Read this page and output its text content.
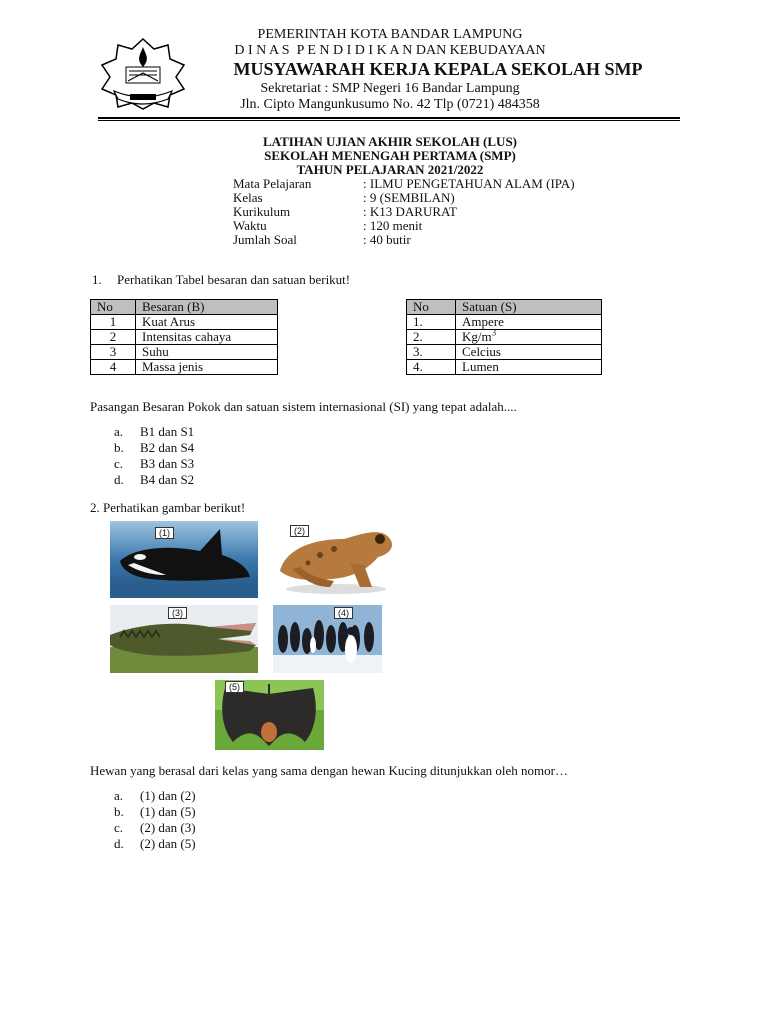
PEMERINTAH KOTA BANDAR LAMPUNG
D I N A S  P E N D I D I K A N DAN KEBUDAYAAN
MUSYAWARAH KERJA KEPALA SEKOLAH SMP
Sekretariat : SMP Negeri 16 Bandar Lampung
Jln. Cipto Mangunkusumo No. 42 Tlp (0721) 484358
LATIHAN UJIAN AKHIR SEKOLAH (LUS)
SEKOLAH MENENGAH PERTAMA (SMP)
TAHUN PELAJARAN 2021/2022
Mata Pelajaran	: ILMU PENGETAHUAN ALAM (IPA)
Kelas	: 9 (SEMBILAN)
Kurikulum	: K13 DARURAT
Waktu	: 120 menit
Jumlah Soal	: 40 butir
1. Perhatikan Tabel besaran dan satuan berikut!
No	Besaran (B)
1	Kuat Arus
2	Intensitas cahaya
3	Suhu
4	Massa jenis
No	Satuan (S)
1.	Ampere
2.	$Kg/m^3$
3.	Celcius
4.	Lumen
Pasangan Besaran Pokok dan satuan sistem internasional (SI) yang tepat adalah....
a. B1 dan S1
b. B2 dan S4
c. B3 dan S3
d. B4 dan S2
2. Perhatikan gambar berikut!
(1)	(2)
(3)	(4)
(5)
Hewan yang berasal dari kelas yang sama dengan hewan Kucing ditunjukkan oleh nomor…
a. (1) dan (2)
b. (1) dan (5)
c. (2) dan (3)
d. (2) dan (5)
